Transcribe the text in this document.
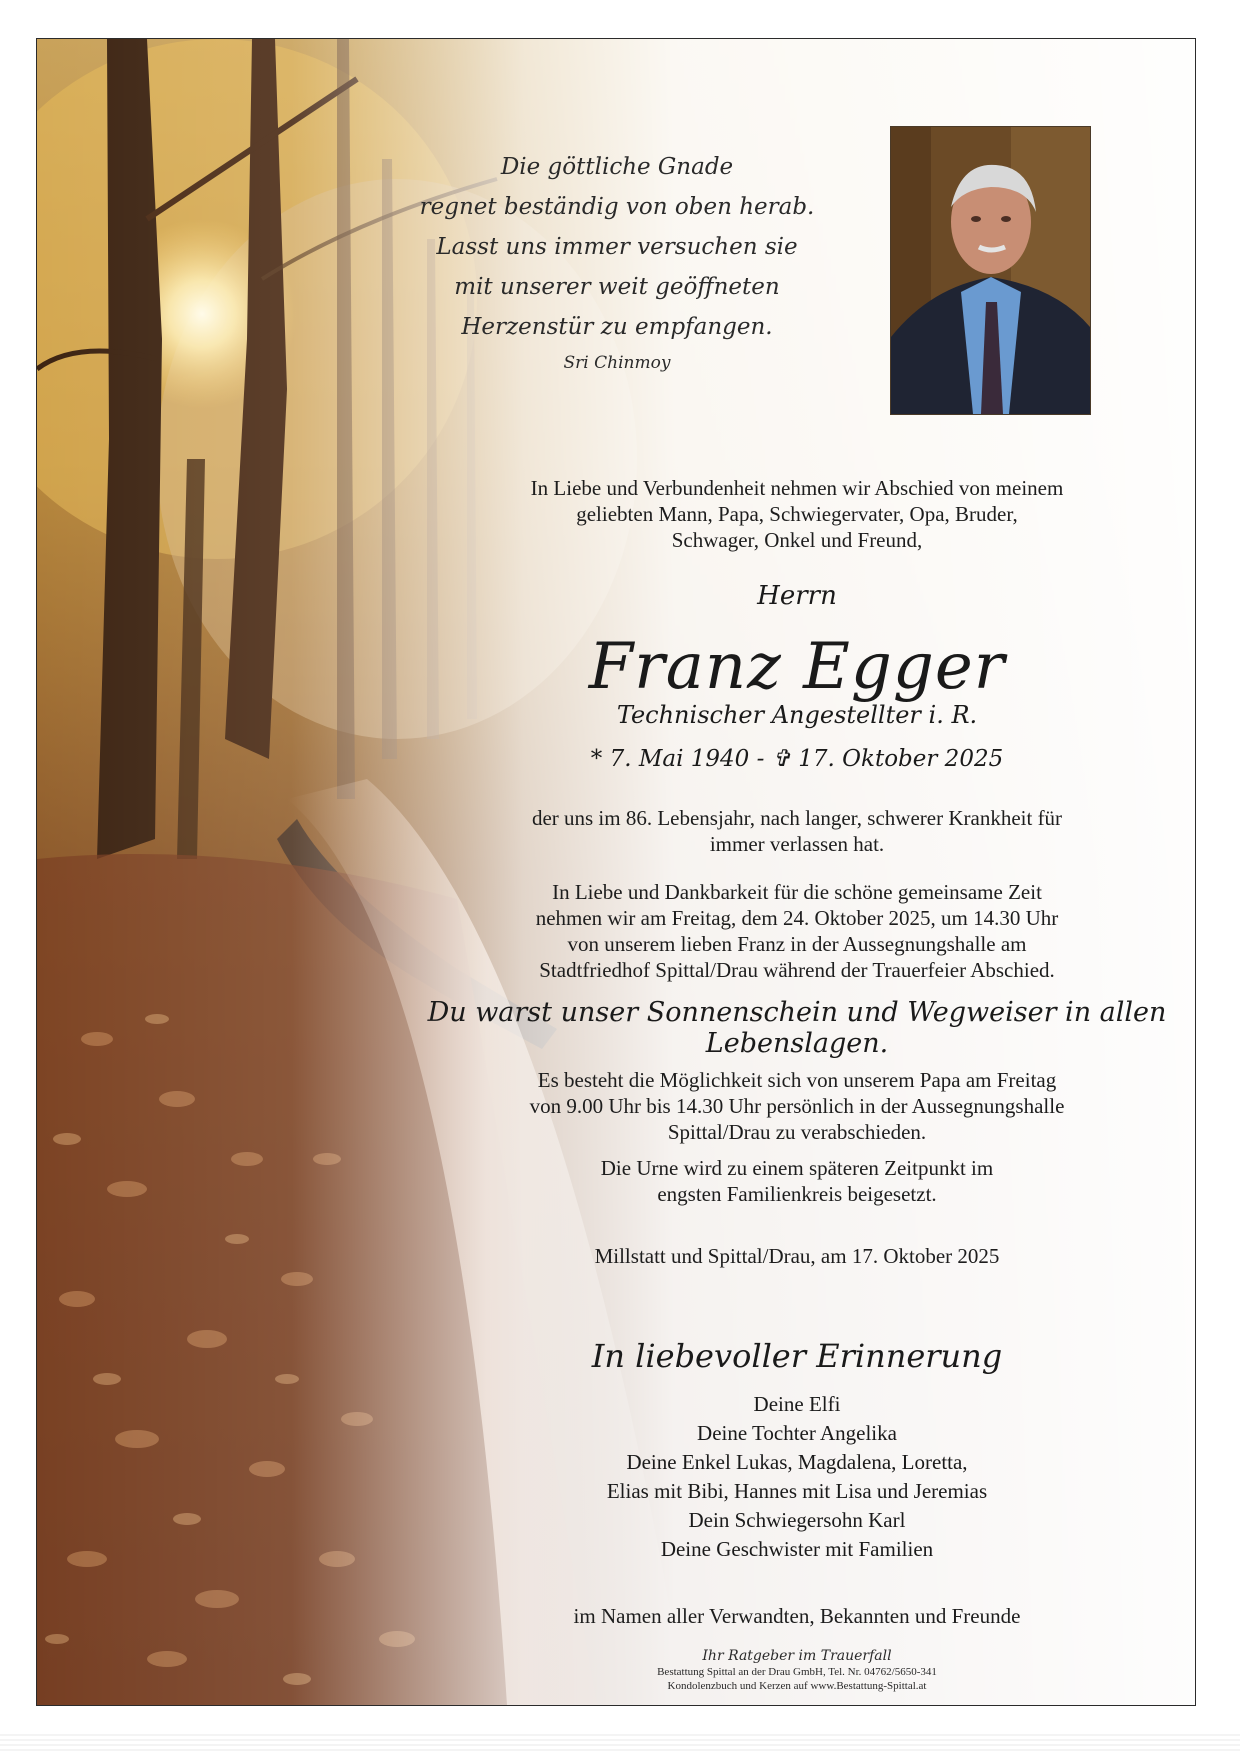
Die göttliche Gnade
regnet beständig von oben herab.
Lasst uns immer versuchen sie
mit unserer weit geöffneten
Herzenstür zu empfangen.
Sri Chinmoy
In Liebe und Verbundenheit nehmen wir Abschied von meinem
geliebten Mann, Papa, Schwiegervater, Opa, Bruder,
Schwager, Onkel und Freund,
Herrn
Franz Egger
Technischer Angestellter i. R.
* 7. Mai 1940 - ✞ 17. Oktober 2025
der uns im 86. Lebensjahr, nach langer, schwerer Krankheit für
immer verlassen hat.
In Liebe und Dankbarkeit für die schöne gemeinsame Zeit
nehmen wir am Freitag, dem 24. Oktober 2025, um 14.30 Uhr
von unserem lieben Franz in der Aussegnungshalle am
Stadtfriedhof Spittal/Drau während der Trauerfeier Abschied.
Du warst unser Sonnenschein und Wegweiser in allen Lebenslagen.
Es besteht die Möglichkeit sich von unserem Papa am Freitag
von 9.00 Uhr bis 14.30 Uhr persönlich in der Aussegnungshalle
Spittal/Drau zu verabschieden.
Die Urne wird zu einem späteren Zeitpunkt im
engsten Familienkreis beigesetzt.
Millstatt und Spittal/Drau, am 17. Oktober 2025
In liebevoller Erinnerung
Deine Elfi
Deine Tochter Angelika
Deine Enkel Lukas, Magdalena, Loretta,
Elias mit Bibi, Hannes mit Lisa und Jeremias
Dein Schwiegersohn Karl
Deine Geschwister mit Familien
im Namen aller Verwandten, Bekannten und Freunde
Ihr Ratgeber im Trauerfall
Bestattung Spittal an der Drau GmbH, Tel. Nr. 04762/5650-341
Kondolenzbuch und Kerzen auf www.Bestattung-Spittal.at
